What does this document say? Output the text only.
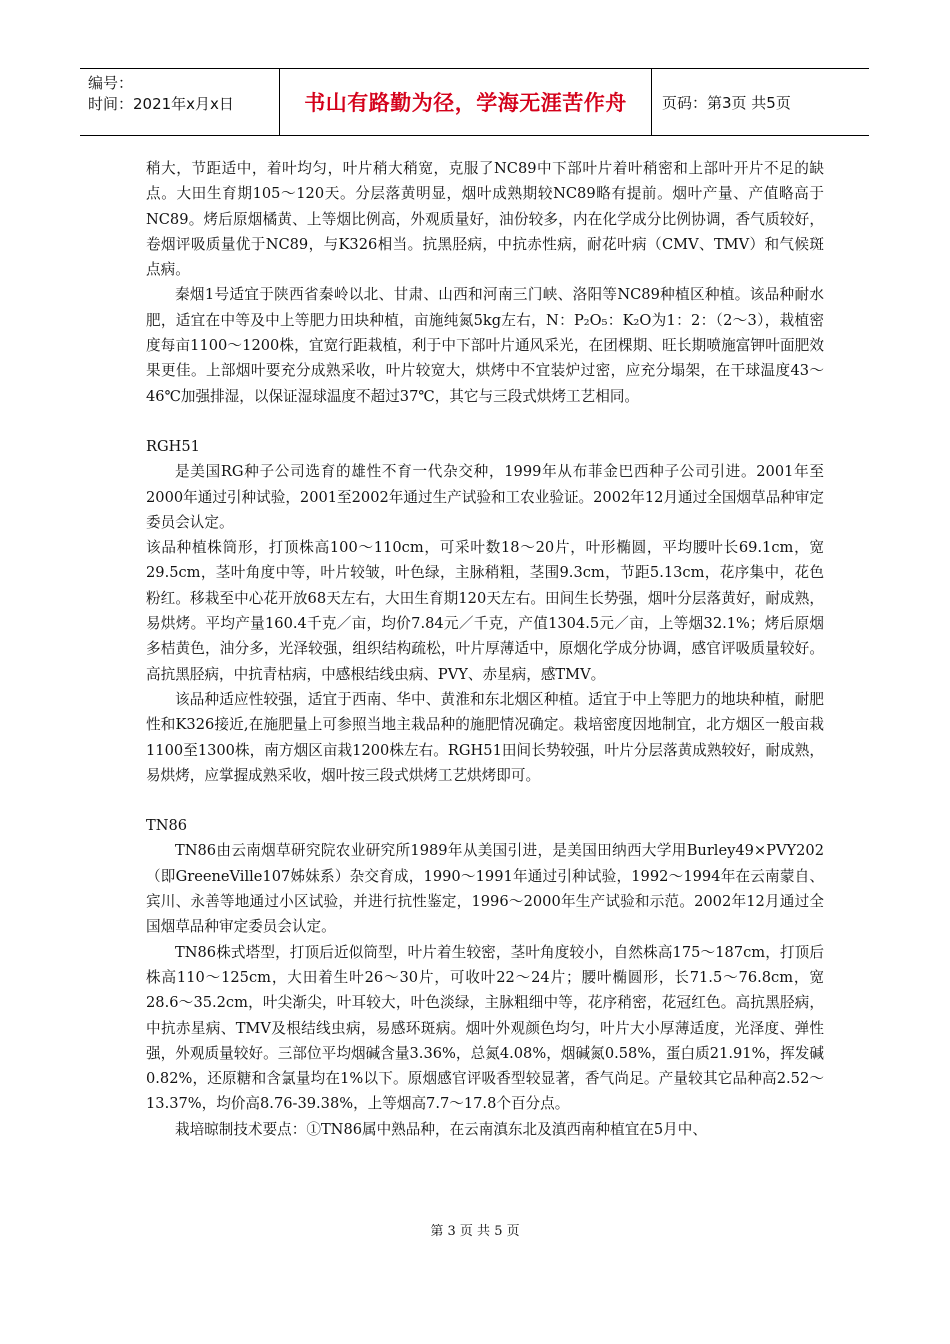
编号：
时间：2021年x月x日	书山有路勤为径，学海无涯苦作舟 页码：第3页 共5页

稍大，节距适中，着叶均匀，叶片稍大稍宽，克服了NC89中下部叶片着叶稍密和上部叶开片不足的缺点。大田生育期105～120天。分层落黄明显，烟叶成熟期较NC89略有提前。烟叶产量、产值略高于NC89。烤后原烟橘黄、上等烟比例高，外观质量好，油份较多，内在化学成分比例协调，香气质较好，卷烟评吸质量优于NC89，与K326相当。抗黑胫病，中抗赤性病，耐花叶病（CMV、TMV）和气候斑点病。

秦烟1号适宜于陕西省秦岭以北、甘肃、山西和河南三门峡、洛阳等NC89种植区种植。该品种耐水肥，适宜在中等及中上等肥力田块种植，亩施纯氮5kg左右，N：P₂O₅：K₂O为1：2：（2～3），栽植密度每亩1100～1200株，宜宽行距栽植，利于中下部叶片通风采光，在团棵期、旺长期喷施富钾叶面肥效果更佳。上部烟叶要充分成熟采收，叶片较宽大，烘烤中不宜装炉过密，应充分塌架，在干球温度43～46℃加强排湿，以保证湿球温度不超过37℃，其它与三段式烘烤工艺相同。

RGH51

是美国RG种子公司选育的雄性不育一代杂交种，1999年从布菲金巴西种子公司引进。2001年至2000年通过引种试验，2001至2002年通过生产试验和工农业验证。2002年12月通过全国烟草品种审定委员会认定。

该品种植株筒形，打顶株高100～110cm，可采叶数18～20片，叶形椭圆，平均腰叶长69.1cm，宽29.5cm，茎叶角度中等，叶片较皱，叶色绿，主脉稍粗，茎围9.3cm，节距5.13cm，花序集中，花色粉红。移栽至中心花开放68天左右，大田生育期120天左右。田间生长势强，烟叶分层落黄好，耐成熟，易烘烤。平均产量160.4千克／亩，均价7.84元／千克，产值1304.5元／亩，上等烟32.1%；烤后原烟多桔黄色，油分多，光泽较强，组织结构疏松，叶片厚薄适中，原烟化学成分协调，感官评吸质量较好。高抗黑胫病，中抗青枯病，中感根结线虫病、PVY、赤星病，感TMV。

该品种适应性较强，适宜于西南、华中、黄淮和东北烟区种植。适宜于中上等肥力的地块种植，耐肥性和K326接近,在施肥量上可参照当地主栽品种的施肥情况确定。栽培密度因地制宜，北方烟区一般亩栽1100至1300株，南方烟区亩栽1200株左右。RGH51田间长势较强，叶片分层落黄成熟较好，耐成熟，易烘烤，应掌握成熟采收，烟叶按三段式烘烤工艺烘烤即可。

TN86

TN86由云南烟草研究院农业研究所1989年从美国引进，是美国田纳西大学用Burley49×PVY202（即GreeneVille107姊妹系）杂交育成，1990～1991年通过引种试验，1992～1994年在云南蒙自、宾川、永善等地通过小区试验，并进行抗性鉴定，1996～2000年生产试验和示范。2002年12月通过全国烟草品种审定委员会认定。

TN86株式塔型，打顶后近似筒型，叶片着生较密，茎叶角度较小，自然株高175～187cm，打顶后株高110～125cm，大田着生叶26～30片，可收叶22～24片；腰叶椭圆形，长71.5～76.8cm，宽28.6～35.2cm，叶尖渐尖，叶耳较大，叶色淡绿，主脉粗细中等，花序稍密，花冠红色。高抗黑胫病，中抗赤星病、TMV及根结线虫病，易感环斑病。烟叶外观颜色均匀，叶片大小厚薄适度，光泽度、弹性强，外观质量较好。三部位平均烟碱含量3.36%，总氮4.08%，烟碱氮0.58%，蛋白质21.91%，挥发碱0.82%，还原糖和含氯量均在1%以下。原烟感官评吸香型较显著，香气尚足。产量较其它品种高2.52～13.37%，均价高8.76-39.38%，上等烟高7.7～17.8个百分点。

栽培晾制技术要点：①TN86属中熟品种，在云南滇东北及滇西南种植宜在5月中、

第 3 页 共 5 页
